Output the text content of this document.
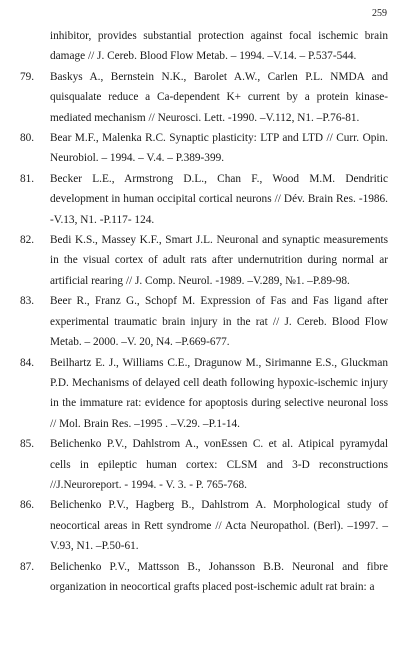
259
inhibitor, provides substantial protection against focal ischemic brain damage // J. Cereb. Blood Flow Metab. – 1994. –V.14. – P.537-544.
79.	Baskys A., Bernstein N.K., Barolet A.W., Carlen P.L. NMDA and quisqualate reduce a Ca-dependent K+ current by a protein kinase-mediated mechanism // Neurosci. Lett. -1990. –V.112, N1. –P.76-81.
80.	Bear M.F., Malenka R.C. Synaptic plasticity: LTP and LTD // Curr. Opin. Neurobiol. – 1994. – V.4. – P.389-399.
81.	Becker L.E., Armstrong D.L., Chan F., Wood M.M. Dendritic development in human occipital cortical neurons // Dév. Brain Res. -1986. -V.13, N1. -P.117- 124.
82.	Bedi K.S., Massey K.F., Smart J.L. Neuronal and synaptic measurements in the visual cortex of adult rats after undernutrition during normal ar artificial rearing // J. Comp. Neurol. -1989. –V.289, №1. –P.89-98.
83.	Beer R., Franz G., Schopf M. Expression of Fas and Fas ligand after experimental traumatic brain injury in the rat // J. Cereb. Blood Flow Metab. – 2000. –V. 20, N4. –P.669-677.
84.	Beilhartz E. J., Williams C.E., Dragunow M., Sirimanne E.S., Gluckman P.D. Mechanisms of delayed cell death following hypoxic-ischemic injury in the immature rat: evidence for apoptosis during selective neuronal loss // Mol. Brain Res. –1995 . –V.29. –P.1-14.
85.	Belichenko P.V., Dahlstrom A., vonEssen C. et al. Atipical pyramydal cells in epileptic human cortex: CLSM and 3-D reconstructions //J.Neuroreport. - 1994. - V. 3. - P. 765-768.
86.	Belichenko P.V., Hagberg B., Dahlstrom A. Morphological study of neocortical areas in Rett syndrome // Acta Neuropathol. (Berl). –1997. – V.93, N1. –P.50-61.
87.	Belichenko P.V., Mattsson B., Johansson B.B. Neuronal and fibre organization in neocortical grafts placed post-ischemic adult rat brain: a
